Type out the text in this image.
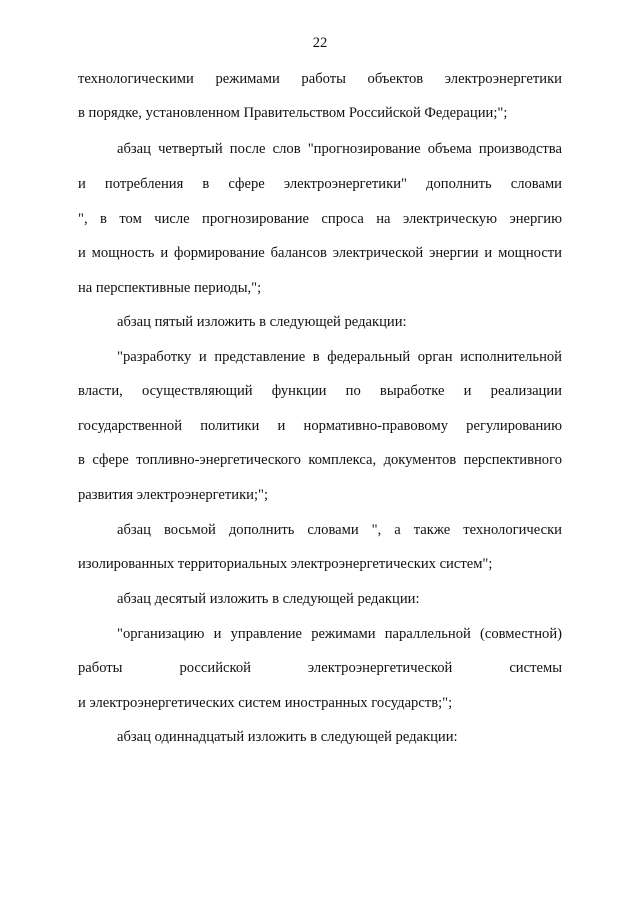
22
технологическими режимами работы объектов электроэнергетики
в порядке, установленном Правительством Российской Федерации;";
абзац четвертый после слов "прогнозирование объема производства
и потребления в сфере электроэнергетики" дополнить словами
", в том числе прогнозирование спроса на электрическую энергию
и мощность и формирование балансов электрической энергии и мощности
на перспективные периоды,";
абзац пятый изложить в следующей редакции:
"разработку и представление в федеральный орган исполнительной
власти, осуществляющий функции по выработке и реализации
государственной политики и нормативно-правовому регулированию
в сфере топливно-энергетического комплекса, документов перспективного
развития электроэнергетики;";
абзац восьмой дополнить словами ", а также технологически
изолированных территориальных электроэнергетических систем";
абзац десятый изложить в следующей редакции:
"организацию и управление режимами параллельной (совместной)
работы российской электроэнергетической системы
и электроэнергетических систем иностранных государств;";
абзац одиннадцатый изложить в следующей редакции:
